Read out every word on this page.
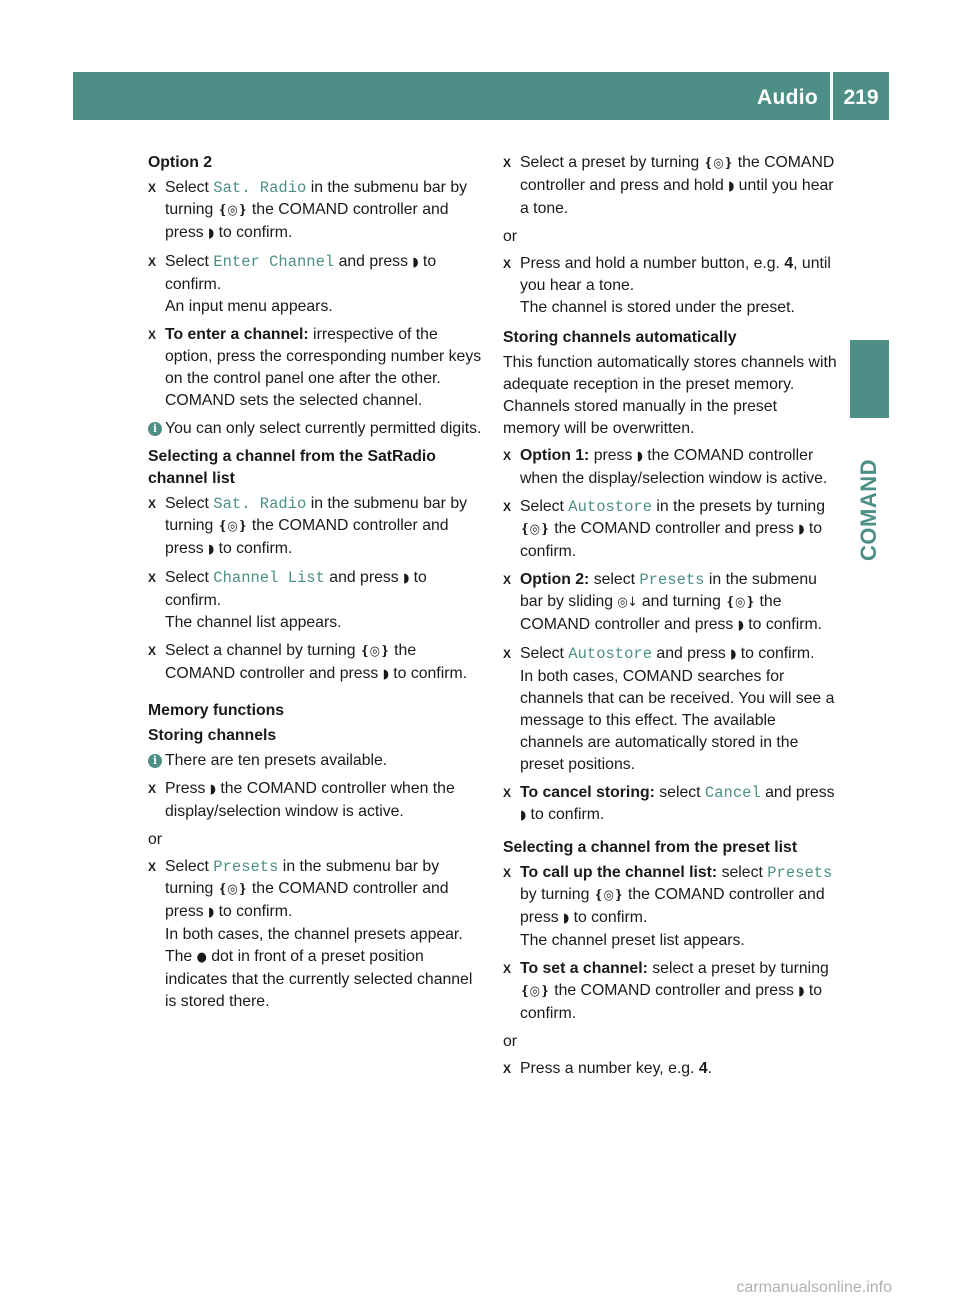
Audio	219
COMAND
Option 2
X Select Sat. Radio in the submenu bar by turning ❴◎❵ the COMAND controller and press ◗ to confirm.
X Select Enter Channel and press ◗ to confirm.
An input menu appears.
X To enter a channel: irrespective of the option, press the corresponding number keys on the control panel one after the other.
COMAND sets the selected channel.
i You can only select currently permitted digits.
Selecting a channel from the SatRadio channel list
X Select Sat. Radio in the submenu bar by turning ❴◎❵ the COMAND controller and press ◗ to confirm.
X Select Channel List and press ◗ to confirm.
The channel list appears.
X Select a channel by turning ❴◎❵ the COMAND controller and press ◗ to confirm.
Memory functions
Storing channels
i There are ten presets available.
X Press ◗ the COMAND controller when the display/selection window is active.
or
X Select Presets in the submenu bar by turning ❴◎❵ the COMAND controller and press ◗ to confirm.
In both cases, the channel presets appear. The ● dot in front of a preset position indicates that the currently selected channel is stored there.
X Select a preset by turning ❴◎❵ the COMAND controller and press and hold ◗ until you hear a tone.
or
X Press and hold a number button, e.g. 4, until you hear a tone.
The channel is stored under the preset.
Storing channels automatically
This function automatically stores channels with adequate reception in the preset memory. Channels stored manually in the preset memory will be overwritten.
X Option 1: press ◗ the COMAND controller when the display/selection window is active.
X Select Autostore in the presets by turning ❴◎❵ the COMAND controller and press ◗ to confirm.
X Option 2: select Presets in the submenu bar by sliding ◎↓ and turning ❴◎❵ the COMAND controller and press ◗ to confirm.
X Select Autostore and press ◗ to confirm.
In both cases, COMAND searches for channels that can be received. You will see a message to this effect. The available channels are automatically stored in the preset positions.
X To cancel storing: select Cancel and press ◗ to confirm.
Selecting a channel from the preset list
X To call up the channel list: select Presets by turning ❴◎❵ the COMAND controller and press ◗ to confirm.
The channel preset list appears.
X To set a channel: select a preset by turning ❴◎❵ the COMAND controller and press ◗ to confirm.
or
X Press a number key, e.g. 4.
carmanualsonline.info
